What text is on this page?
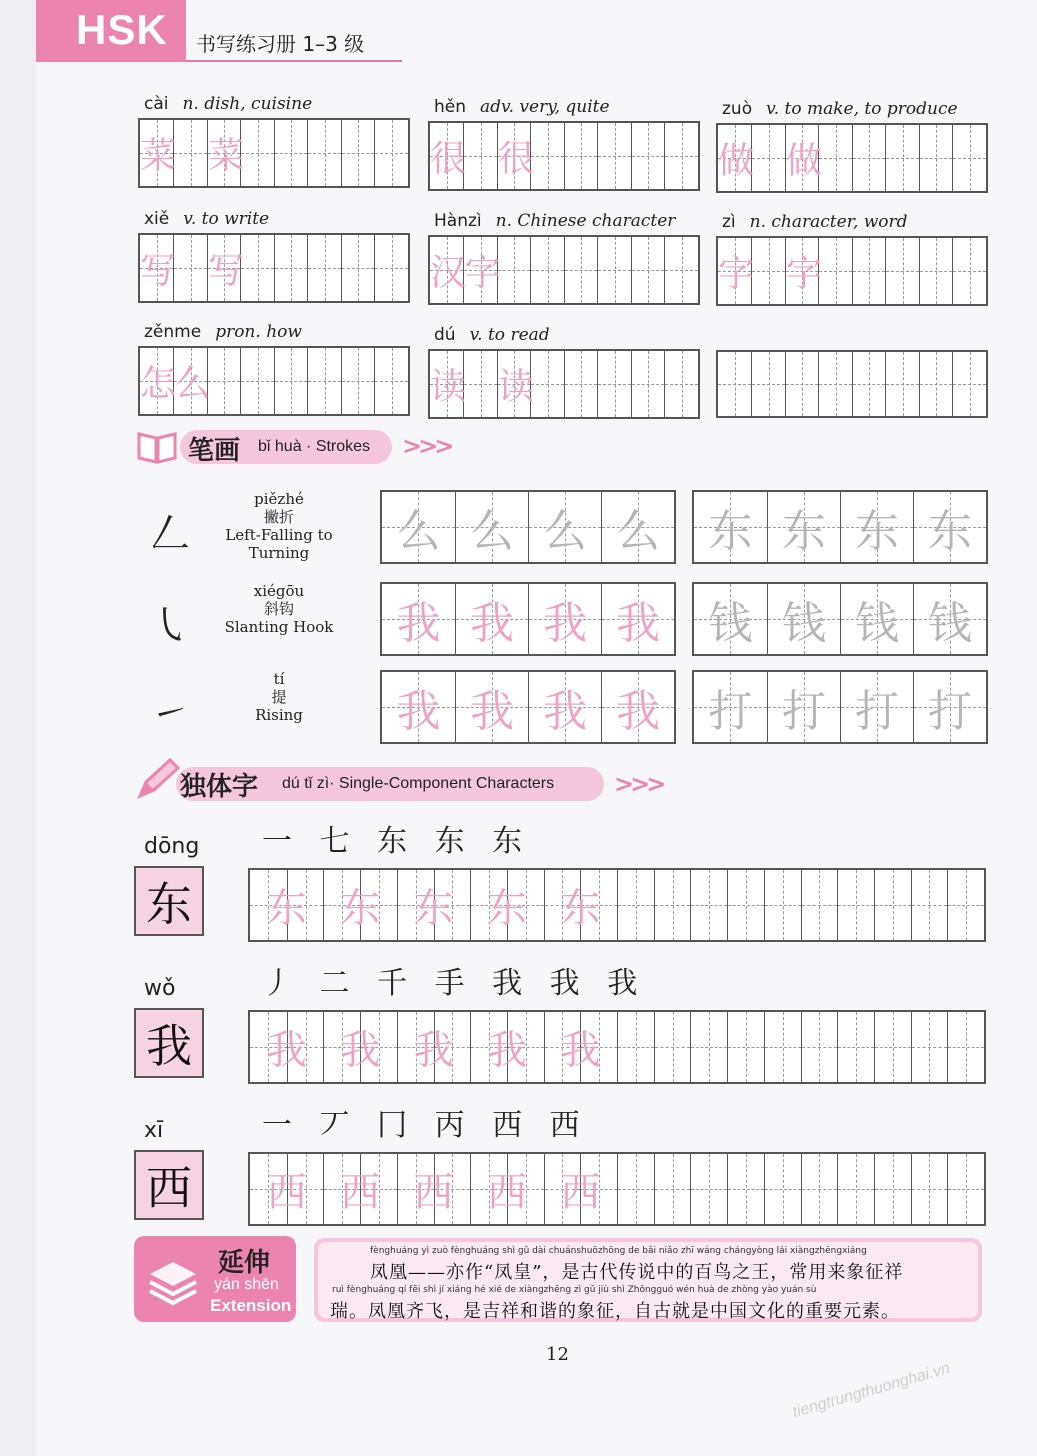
HSK 书写练习册 1–3 级
cài n. dish, cuisine
菜 菜
hěn adv. very, quite
很 很
zuò v. to make, to produce
做 做
xiě v. to write
写 写
Hànzì n. Chinese character
汉
字
zì n. character, word
字 字
zěnme pron. how
怎
么
dú v. to read
读 读
笔画 bǐ huà · Strokes >>>
𠃋
piězhé
撇折
Left-Falling to
Turning	么 么 么 么	东 东 东 东
㇂
xiégōu
斜钩
Slanting Hook	我 我 我 我	钱 钱 钱 钱
㇀
tí
提
Rising	我 我 我 我	打 打 打 打
独体字 dú tǐ zì· Single-Component Characters >>>
dōng
东
一 七 东 东 东
东 东 东 东 东
wǒ
我
丿 二 千 手 我 我 我
我 我 我 我 我
xī
西
一 丆 冂 丙 西 西
西 西 西 西 西
延伸
yán shēn
Extension
fènghuáng yì zuò fènghuáng shì gǔ dài chuánshuōzhōng de bǎi niǎo zhī wáng chángyòng lái xiàngzhēngxiáng
凤凰——亦作“凤皇”，是古代传说中的百鸟之王，常用来象征祥
ruì fènghuáng qí fēi shì jí xiáng hé xié de xiàngzhēng zì gǔ jiù shì Zhōngguó wén huà de zhòng yào yuán sù
瑞。凤凰齐飞，是吉祥和谐的象征，自古就是中国文化的重要元素。
12
tiengtrungthuonghai.vn
